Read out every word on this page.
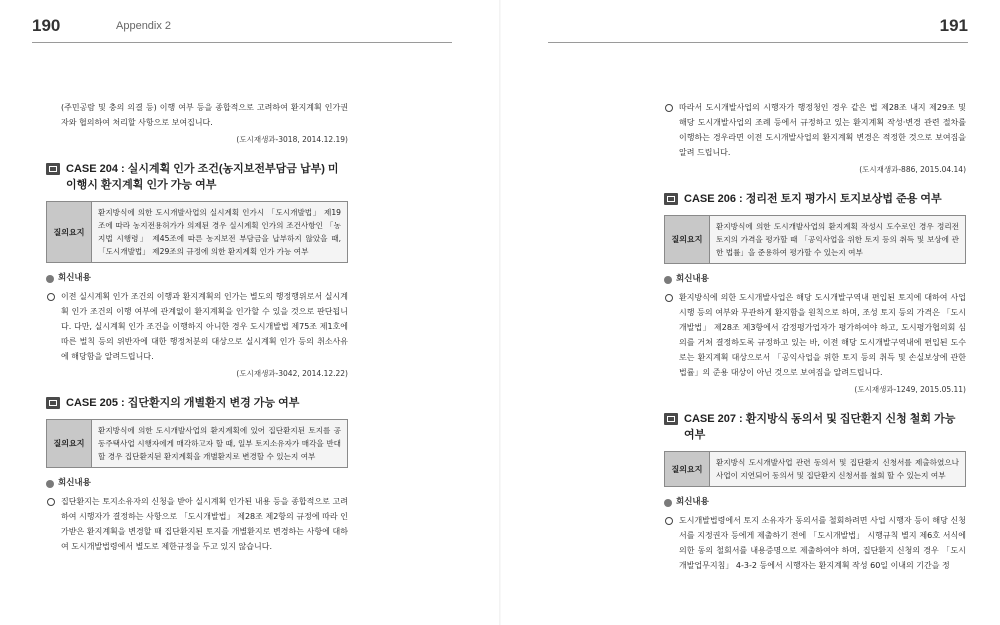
190	Appendix 2	191

(주민공람 및 충의 의결 등) 이행 여부 등을 종합적으로 고려하여 환지계획 인가권자와 협의하여 처리할 사항으로 보여집니다.

(도시재생과-3018, 2014.12.19)

CASE 204 : 실시계획 인가 조건(농지보전부담금 납부) 미이행시 환지계획 인가 가능 여부
질의요지
환지방식에 의한 도시개발사업의 실시계획 인가시 「도시개발법」 제19조에 따라 농지전용허가가 의제된 경우 실시계획 인가의 조건사항인 「농지법 시행령」 제45조에 따른 농지보전 부담금을 납부하지 않았을 때, 「도시개발법」 제29조의 규정에 의한 환지계획 인가 가능 여부
회신내용

이전 실시계획 인가 조건의 이행과 환지계획의 인가는 별도의 행정행위로서 실시계획 인가 조건의 이행 여부에 관계없이 환지계획을 인가할 수 있을 것으로 판단됩니다. 다만, 실시계획 인가 조건을 이행하지 아니한 경우 도시개발법 제75조 제1호에 따른 벌칙 등의 위반자에 대한 행정처분의 대상으로 실시계획 인가 등의 취소사유에 해당함을 알려드립니다.

(도시재생과-3042, 2014.12.22)

CASE 205 : 집단환지의 개별환지 변경 가능 여부
질의요지
환지방식에 의한 도시개발사업의 환지계획에 있어 집단환지된 토지를 공동주택사업 시행자에게 매각하고자 할 때, 일부 토지소유자가 매각을 반대할 경우 집단환지된 환지계획을 개별환지로 변경할 수 있는지 여부
회신내용

집단환지는 토지소유자의 신청을 받아 실시계획 인가된 내용 등을 종합적으로 고려하여 시행자가 결정하는 사항으로 「도시개발법」 제28조 제2항의 규정에 따라 인가받은 환지계획을 변경할 때 집단환지된 토지를 개별환지로 변경하는 사항에 대하여 도시개발법령에서 별도로 제한규정을 두고 있지 않습니다.

따라서 도시개발사업의 시행자가 행정청인 경우 같은 법 제28조 내지 제29조 및 해당 도시개발사업의 조례 등에서 규정하고 있는 환지계획 작성·변경 관련 절차를 이행하는 경우라면 이전 도시개발사업의 환지계획 변경은 적정한 것으로 보여짐을 알려 드립니다.

(도시재생과-886, 2015.04.14)

CASE 206 : 정리전 토지 평가시 토지보상법 준용 여부
질의요지
환지방식에 의한 도시개발사업의 환지계획 작성시 도수로인 경우 정리전 토지의 가격을 평가할 때 「공익사업을 위한 토지 등의 취득 및 보상에 관한 법률」을 준용하여 평가할 수 있는지 여부
회신내용

환지방식에 의한 도시개발사업은 해당 도시개발구역내 편입된 토지에 대하여 사업시행 등의 여부와 무관하게 환지함을 원칙으로 하며, 조성 토지 등의 가격은 「도시개발법」 제28조 제3항에서 감정평가업자가 평가하여야 하고, 도시평가협의회 심의를 거쳐 결정하도록 규정하고 있는 바, 이전 해당 도시개발구역내에 편입된 도수로는 환지계획 대상으로서 「공익사업을 위한 토지 등의 취득 및 손실보상에 관한 법률」의 준용 대상이 아닌 것으로 보여짐을 알려드립니다.

(도시재생과-1249, 2015.05.11)

CASE 207 : 환지방식 동의서 및 집단환지 신청 철회 가능 여부
질의요지
환지방식 도시개발사업 관련 동의서 및 집단환지 신청서를 제출하였으나 사업이 지연되어 동의서 및 집단환지 신청서를 철회 할 수 있는지 여부
회신내용

도시개발법령에서 토지 소유자가 동의서를 철회하려면 사업 시행자 등이 해당 신청서를 지정권자 등에게 제출하기 전에 「도시개발법」 시행규칙 별지 제6호 서식에 의한 동의 철회서를 내용증명으로 제출하여야 하며, 집단환지 신청의 경우 「도시개발업무지침」 4-3-2 등에서 시행자는 환지계획 작성 60일 이내의 기간을 정
